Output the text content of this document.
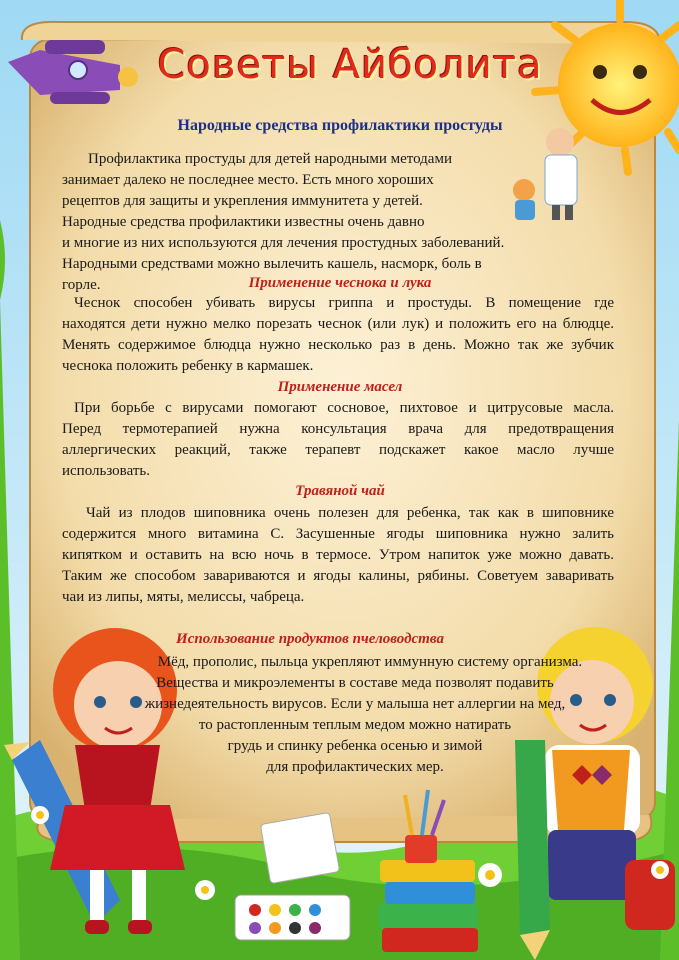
Советы Айболита
Народные средства профилактики простуды
Профилактика простуды для детей народными методами
занимает далеко не последнее место. Есть много хороших
рецептов для защиты и укрепления иммунитета у детей.
Народные средства профилактики известны очень давно
и многие из них используются для лечения простудных заболеваний.
Народными средствами можно вылечить кашель, насморк, боль в горле.	Применение чеснока и лука
Чеснок способен убивать вирусы гриппа и простуды. В помещение где
находятся дети нужно мелко порезать чеснок (или лук) и положить его на блюдце.
Менять содержимое блюдца нужно несколько раз в день. Можно так же зубчик
чеснока положить ребенку в кармашек.
Применение масел
При борьбе с вирусами помогают сосновое, пихтовое и цитрусовые масла.
Перед термотерапией нужна консультация врача для предотвращения
аллергических реакций, также терапевт подскажет какое масло лучше
использовать.
Травяной чай
Чай из плодов шиповника очень полезен для ребенка, так как в шиповнике
содержится много витамина С. Засушенные ягоды шиповника нужно залить
кипятком и оставить на всю ночь в термосе. Утром напиток уже можно давать.
Таким же способом завариваются и ягоды калины, рябины. Советуем заваривать
чаи из липы, мяты, мелиссы, чабреца.
Использование продуктов пчеловодства
Мёд, прополис, пыльца укрепляют иммунную систему организма.
Вещества и микроэлементы в составе меда позволят подавить
жизнедеятельность вирусов. Если у малыша нет аллергии на мед,
то растопленным теплым медом можно натирать
грудь и спинку ребенка осенью и зимой
для профилактических мер.
